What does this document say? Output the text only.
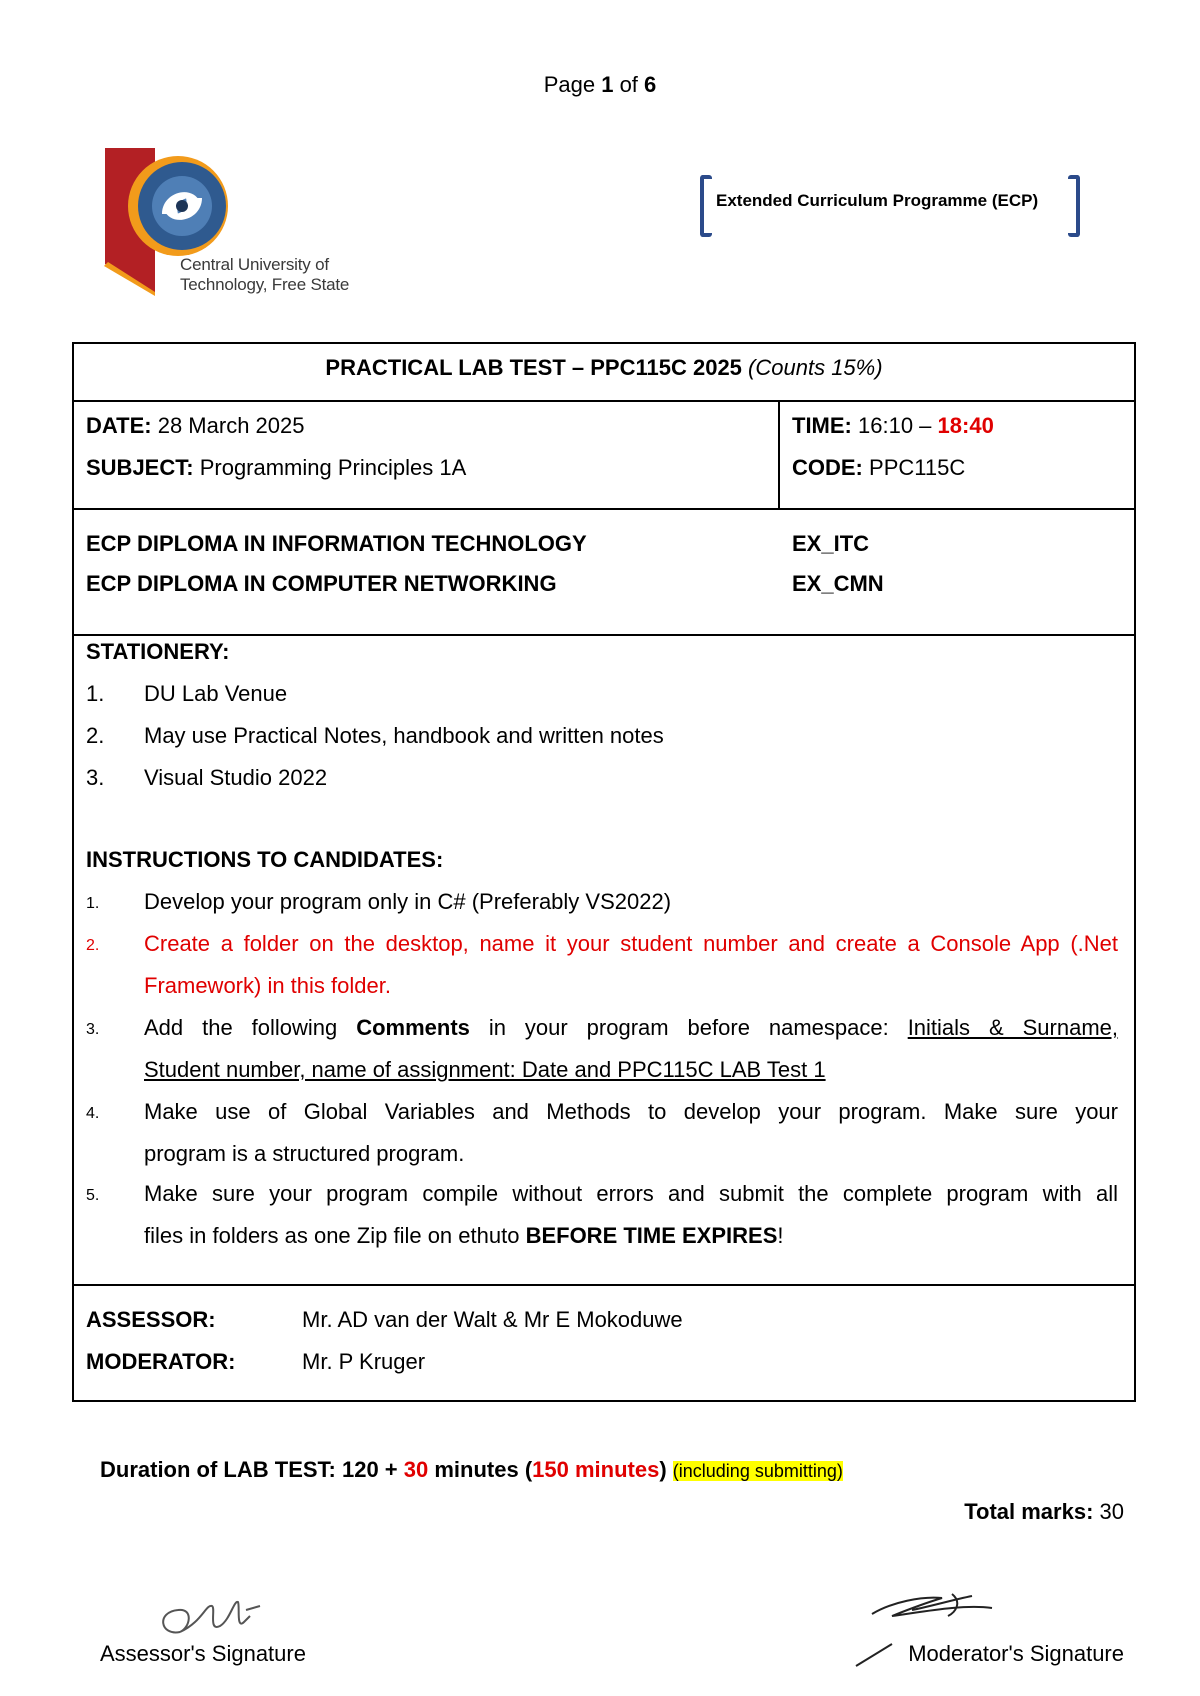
Page 1 of 6
Central University of
Technology, Free State
Extended Curriculum Programme (ECP)
PRACTICAL LAB TEST – PPC115C 2025 (Counts 15%)
DATE: 28 March 2025
SUBJECT: Programming Principles 1A
TIME: 16:10 – 18:40
CODE: PPC115C
ECP DIPLOMA IN INFORMATION TECHNOLOGY	EX_ITC
ECP DIPLOMA IN COMPUTER NETWORKING	EX_CMN
STATIONERY:
1. DU Lab Venue
2. May use Practical Notes, handbook and written notes
3. Visual Studio 2022
INSTRUCTIONS TO CANDIDATES:
1. Develop your program only in C# (Preferably VS2022)
2. Create a folder on the desktop, name it your student number and create a Console App (.Net
Framework) in this folder.
3. Add the following Comments in your program before namespace: Initials & Surname,
Student number, name of assignment: Date and PPC115C LAB Test 1
4. Make use of Global Variables and Methods to develop your program. Make sure your
program is a structured program.
5. Make sure your program compile without errors and submit the complete program with all
files in folders as one Zip file on ethuto BEFORE TIME EXPIRES!
ASSESSOR:	Mr. AD van der Walt & Mr E Mokoduwe
MODERATOR:	Mr. P Kruger
Duration of LAB TEST: 120 + 30 minutes (150 minutes) (including submitting)
Total marks: 30
Assessor's Signature	Moderator's Signature
